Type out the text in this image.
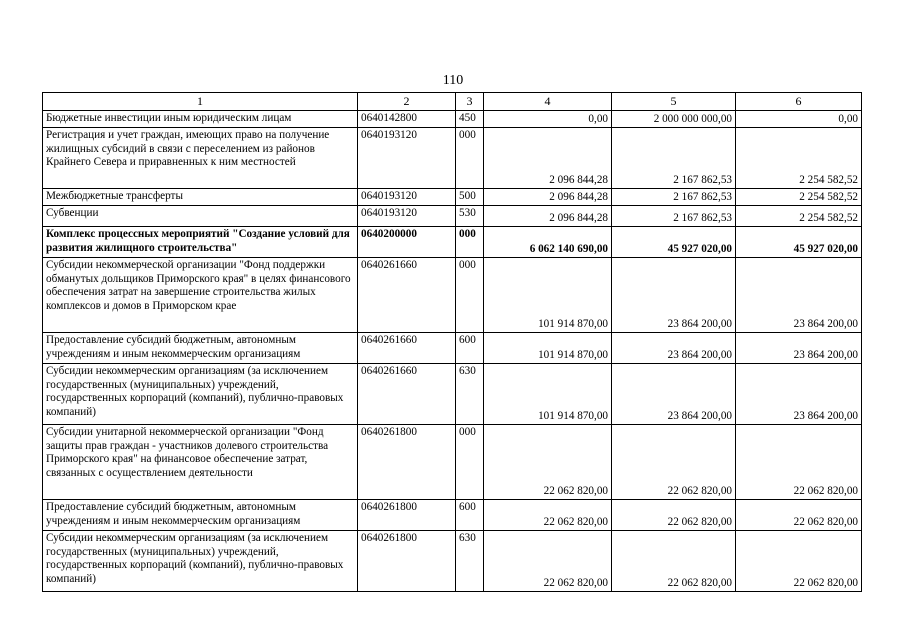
110
1	2	3	4	5	6
Бюджетные инвестиции иным юридическим лицам	0640142800	450	0,00	2 000 000 000,00	0,00
Регистрация и учет граждан, имеющих право на получение жилищных субсидий в связи с переселением из районов Крайнего Севера и приравненных к ним местностей	0640193120	000	2 096 844,28	2 167 862,53	2 254 582,52
Межбюджетные трансферты	0640193120	500	2 096 844,28	2 167 862,53	2 254 582,52
Субвенции	0640193120	530	2 096 844,28	2 167 862,53	2 254 582,52
Комплекс процессных мероприятий "Создание условий для развития жилищного строительства"	0640200000	000	6 062 140 690,00	45 927 020,00	45 927 020,00
Субсидии некоммерческой организации "Фонд поддержки обманутых дольщиков Приморского края" в целях финансового обеспечения затрат на завершение строительства жилых комплексов и домов в Приморском крае	0640261660	000	101 914 870,00	23 864 200,00	23 864 200,00
Предоставление субсидий бюджетным, автономным учреждениям и иным некоммерческим организациям	0640261660	600	101 914 870,00	23 864 200,00	23 864 200,00
Субсидии некоммерческим организациям (за исключением государственных (муниципальных) учреждений, государственных корпораций (компаний), публично-правовых компаний)	0640261660	630	101 914 870,00	23 864 200,00	23 864 200,00
Субсидии унитарной некоммерческой организации "Фонд защиты прав граждан - участников долевого строительства Приморского края" на финансовое обеспечение затрат, связанных с осуществлением деятельности	0640261800	000	22 062 820,00	22 062 820,00	22 062 820,00
Предоставление субсидий бюджетным, автономным учреждениям и иным некоммерческим организациям	0640261800	600	22 062 820,00	22 062 820,00	22 062 820,00
Субсидии некоммерческим организациям (за исключением государственных (муниципальных) учреждений, государственных корпораций (компаний), публично-правовых компаний)	0640261800	630	22 062 820,00	22 062 820,00	22 062 820,00
